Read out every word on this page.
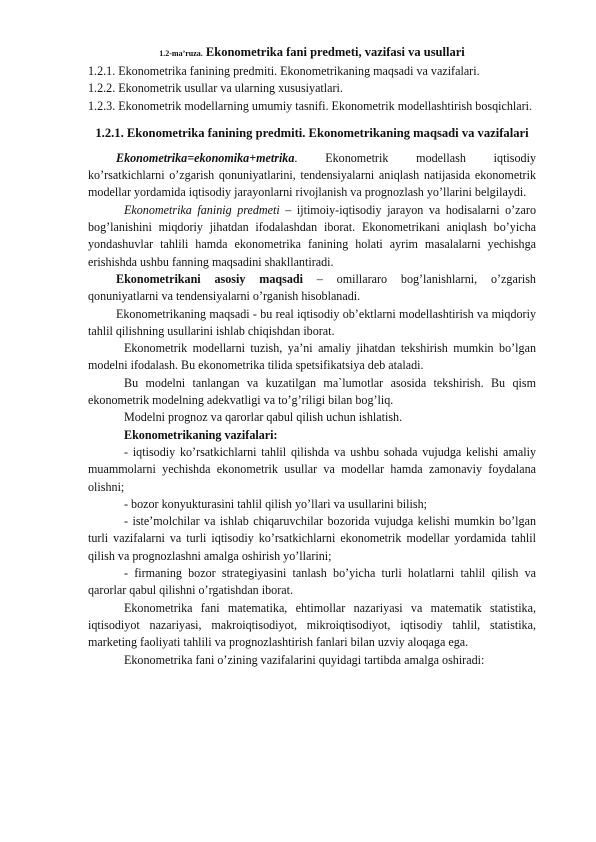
1.2-ma’ruza. Ekonometrika fani predmeti, vazifasi va usullari

1.2.1. Ekonometrika fanining predmiti. Ekonometrikaning maqsadi va vazifalari.

1.2.2. Ekonometrik usullar va ularning xususiyatlari.

1.2.3. Ekonometrik modellarning umumiy tasnifi. Ekonometrik modellashtirish bosqichlari.

1.2.1. Ekonometrika fanining predmiti. Ekonometrikaning maqsadi va vazifalari

Ekonometrika=ekonomika+metrika. Ekonometrik modellash iqtisodiy ko’rsatkichlarni o’zgarish qonuniyatlarini, tendensiyalarni aniqlash natijasida ekonometrik modellar yordamida iqtisodiy jarayonlarni rivojlanish va prognozlash yo’llarini belgilaydi.

Ekonometrika faninig predmeti – ijtimoiy-iqtisodiy jarayon va hodisalarni o’zaro bog’lanishini miqdoriy jihatdan ifodalashdan iborat. Ekonometrikani aniqlash bo’yicha yondashuvlar tahlili hamda ekonometrika fanining holati ayrim masalalarni yechishga erishishda ushbu fanning maqsadini shakllantiradi.

Ekonometrikani asosiy maqsadi – omillararo bog’lanishlarni, o’zgarish qonuniyatlarni va tendensiyalarni o’rganish hisoblanadi.

Ekonometrikaning maqsadi - bu real iqtisodiy ob’ektlarni modellashtirish va miqdoriy tahlil qilishning usullarini ishlab chiqishdan iborat.

Ekonometrik modellarni tuzish, ya’ni amaliy jihatdan tekshirish mumkin bo’lgan modelni ifodalash. Bu ekonometrika tilida spetsifikatsiya deb ataladi.

Bu modelni tanlangan va kuzatilgan ma`lumotlar asosida tekshirish. Bu qism ekonometrik modelning adekvatligi va to’g’riligi bilan bog’liq.

Modelni prognoz va qarorlar qabul qilish uchun ishlatish.

Ekonometrikaning vazifalari:

- iqtisodiy ko’rsatkichlarni tahlil qilishda va ushbu sohada vujudga kelishi amaliy muammolarni yechishda ekonometrik usullar va modellar hamda zamonaviy foydalana olishni;

- bozor konyukturasini tahlil qilish yo’llari va usullarini bilish;

- iste’molchilar va ishlab chiqaruvchilar bozorida vujudga kelishi mumkin bo’lgan turli vazifalarni va turli iqtisodiy ko’rsatkichlarni ekonometrik modellar yordamida tahlil qilish va prognozlashni amalga oshirish yo’llarini;

- firmaning bozor strategiyasini tanlash bo’yicha turli holatlarni tahlil qilish va qarorlar qabul qilishni o’rgatishdan iborat.

Ekonometrika fani matematika, ehtimollar nazariyasi va matematik statistika, iqtisodiyot nazariyasi, makroiqtisodiyot, mikroiqtisodiyot, iqtisodiy tahlil, statistika, marketing faoliyati tahlili va prognozlashtirish fanlari bilan uzviy aloqaga ega.

Ekonometrika fani o’zining vazifalarini quyidagi tartibda amalga oshiradi:
